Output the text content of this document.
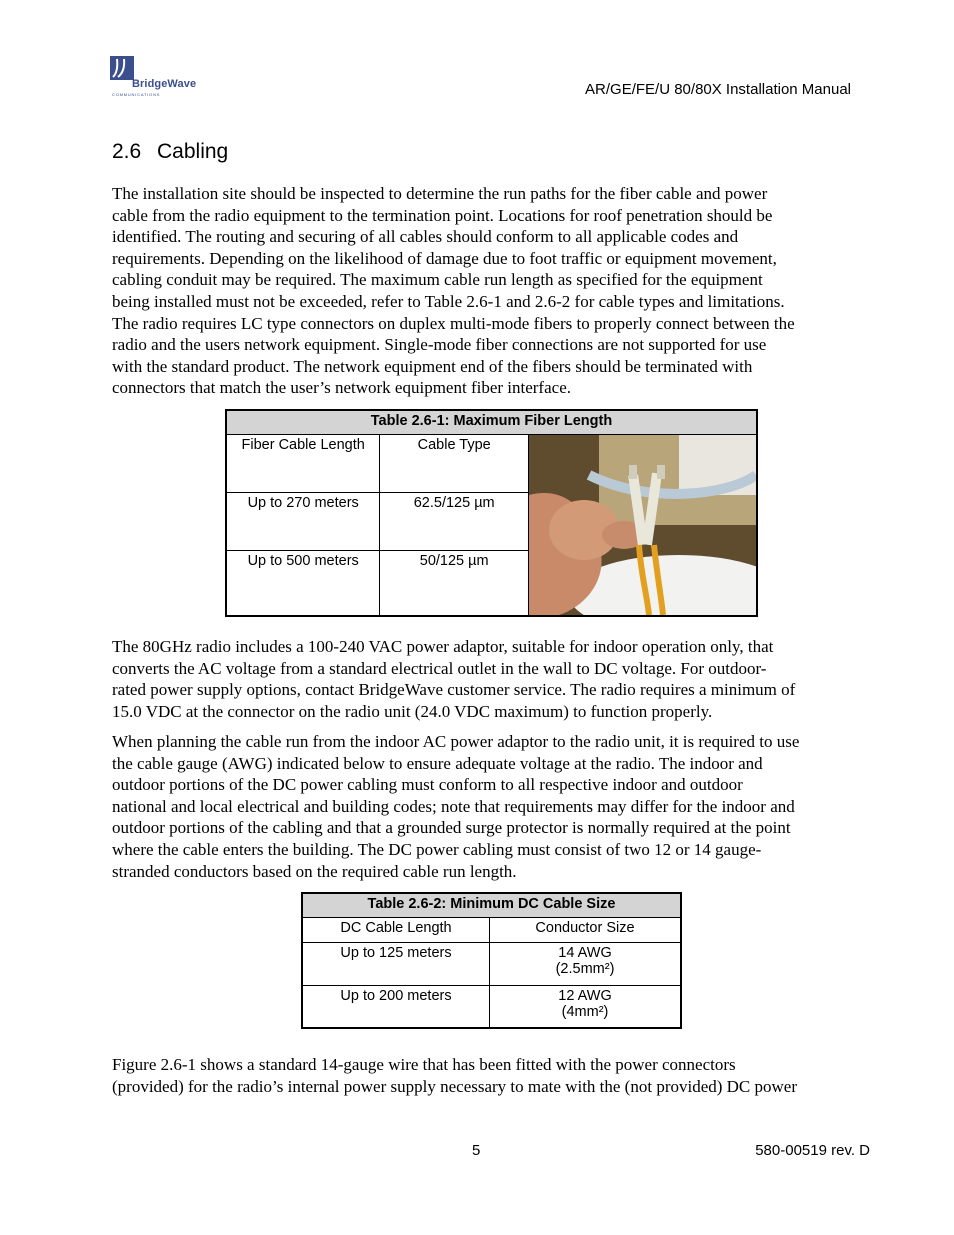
BridgeWave
COMMUNICATIONS	AR/GE/FE/U 80/80X Installation Manual
2.6 Cabling
The installation site should be inspected to determine the run paths for the fiber cable and power
cable from the radio equipment to the termination point. Locations for roof penetration should be
identified. The routing and securing of all cables should conform to all applicable codes and
requirements. Depending on the likelihood of damage due to foot traffic or equipment movement,
cabling conduit may be required. The maximum cable run length as specified for the equipment
being installed must not be exceeded, refer to Table 2.6-1 and 2.6-2 for cable types and limitations.
The radio requires LC type connectors on duplex multi-mode fibers to properly connect between the
radio and the users network equipment. Single-mode fiber connections are not supported for use
with the standard product. The network equipment end of the fibers should be terminated with
connectors that match the user’s network equipment fiber interface.
Table 2.6-1: Maximum Fiber Length		
Fiber Cable Length	Cable Type	

Up to 270 meters	62.5/125 µm	
Up to 500 meters	50/125 µm	
The 80GHz radio includes a 100-240 VAC power adaptor, suitable for indoor operation only, that
converts the AC voltage from a standard electrical outlet in the wall to DC voltage. For outdoor-
rated power supply options, contact BridgeWave customer service. The radio requires a minimum of
15.0 VDC at the connector on the radio unit (24.0 VDC maximum) to function properly.
When planning the cable run from the indoor AC power adaptor to the radio unit, it is required to use
the cable gauge (AWG) indicated below to ensure adequate voltage at the radio. The indoor and
outdoor portions of the DC power cabling must conform to all respective indoor and outdoor
national and local electrical and building codes; note that requirements may differ for the indoor and
outdoor portions of the cabling and that a grounded surge protector is normally required at the point
where the cable enters the building. The DC power cabling must consist of two 12 or 14 gauge-
stranded conductors based on the required cable run length.
Table 2.6-2: Minimum DC Cable Size	
DC Cable Length	Conductor Size
Up to 125 meters	14 AWG
(2.5mm²)

Up to 200 meters	12 AWG
(4mm²)
Figure 2.6-1 shows a standard 14-gauge wire that has been fitted with the power connectors
(provided) for the radio’s internal power supply necessary to mate with the (not provided) DC power
5	580-00519 rev. D
